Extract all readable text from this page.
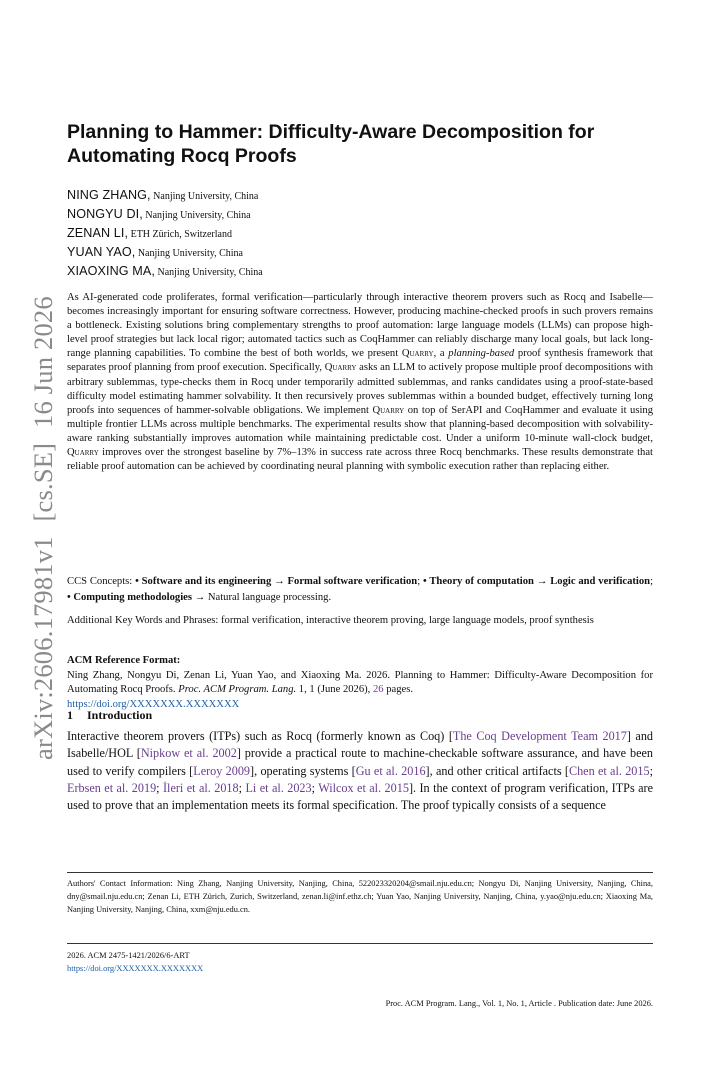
arXiv:2606.17981v1 [cs.SE] 16 Jun 2026
Planning to Hammer: Difficulty-Aware Decomposition for
Automating Rocq Proofs
NING ZHANG, Nanjing University, China
NONGYU DI, Nanjing University, China
ZENAN LI, ETH Zürich, Switzerland
YUAN YAO, Nanjing University, China
XIAOXING MA, Nanjing University, China

As AI-generated code proliferates, formal verification—particularly through interactive theorem provers such as Rocq and Isabelle—becomes increasingly important for ensuring software correctness. However, producing machine-checked proofs in such provers remains a bottleneck. Existing solutions bring complementary strengths to proof automation: large language models (LLMs) can propose high-level proof strategies but lack local rigor; automated tactics such as CoqHammer can reliably discharge many local goals, but lack long-range planning capabilities. To combine the best of both worlds, we present Quarry, a planning-based proof synthesis framework that separates proof planning from proof execution. Specifically, Quarry asks an LLM to actively propose multiple proof decompositions with arbitrary sublemmas, type-checks them in Rocq under temporarily admitted sublemmas, and ranks candidates using a proof-state-based difficulty model estimating hammer solvability. It then recursively proves sublemmas within a bounded budget, effectively turning long proofs into sequences of hammer-solvable obligations. We implement Quarry on top of SerAPI and CoqHammer and evaluate it using multiple frontier LLMs across multiple benchmarks. The experimental results show that planning-based decomposition with solvability-aware ranking substantially improves automation while maintaining predictable cost. Under a uniform 10-minute wall-clock budget, Quarry improves over the strongest baseline by 7%–13% in success rate across three Rocq benchmarks. These results demonstrate that reliable proof automation can be achieved by coordinating neural planning with symbolic execution rather than replacing either.

CCS Concepts: • Software and its engineering → Formal software verification; • Theory of computation → Logic and verification; • Computing methodologies → Natural language processing.

Additional Key Words and Phrases: formal verification, interactive theorem proving, large language models, proof synthesis

ACM Reference Format:
Ning Zhang, Nongyu Di, Zenan Li, Yuan Yao, and Xiaoxing Ma. 2026. Planning to Hammer: Difficulty-Aware Decomposition for Automating Rocq Proofs. Proc. ACM Program. Lang. 1, 1 (June 2026), 26 pages.
https://doi.org/XXXXXXX.XXXXXXX

1 Introduction

Interactive theorem provers (ITPs) such as Rocq (formerly known as Coq) [The Coq Development Team 2017] and Isabelle/HOL [Nipkow et al. 2002] provide a practical route to machine-checkable software assurance, and have been used to verify compilers [Leroy 2009], operating systems [Gu et al. 2016], and other critical artifacts [Chen et al. 2015; Erbsen et al. 2019; İleri et al. 2018; Li et al. 2023; Wilcox et al. 2015]. In the context of program verification, ITPs are used to prove that an implementation meets its formal specification. The proof typically consists of a sequence

Authors' Contact Information: Ning Zhang, Nanjing University, Nanjing, China, 522023320204@smail.nju.edu.cn; Nongyu Di, Nanjing University, Nanjing, China, dny@smail.nju.edu.cn; Zenan Li, ETH Zürich, Zurich, Switzerland, zenan.li@inf.ethz.ch; Yuan Yao, Nanjing University, Nanjing, China, y.yao@nju.edu.cn; Xiaoxing Ma, Nanjing University, Nanjing, China, xxm@nju.edu.cn.

2026. ACM 2475-1421/2026/6-ART
https://doi.org/XXXXXXX.XXXXXXX

Proc. ACM Program. Lang., Vol. 1, No. 1, Article . Publication date: June 2026.
